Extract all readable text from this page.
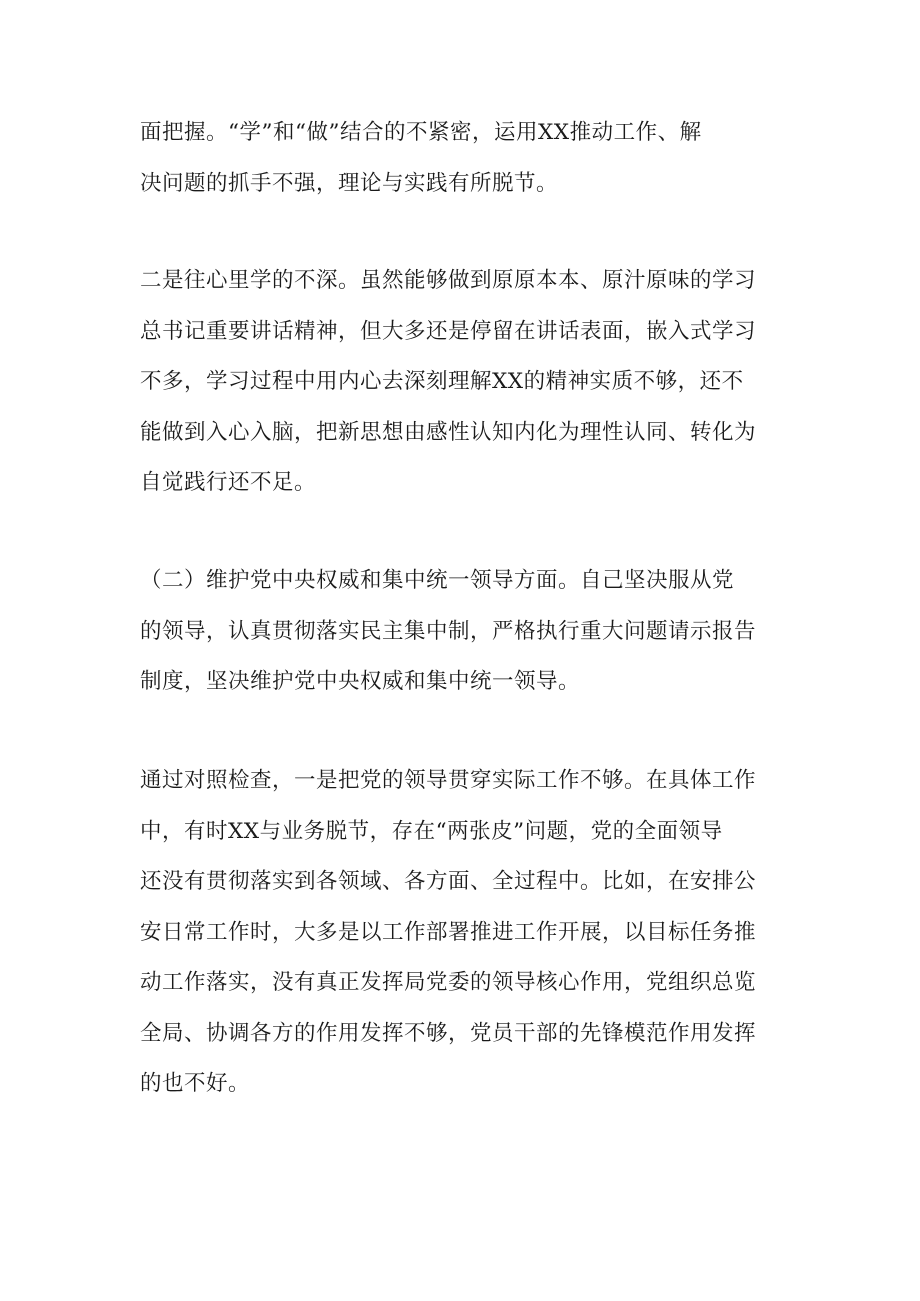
面把握。“学”和“做”结合的不紧密，运用XX推动工作、解
决问题的抓手不强，理论与实践有所脱节。
二是往心里学的不深。虽然能够做到原原本本、原汁原味的学习
总书记重要讲话精神，但大多还是停留在讲话表面，嵌入式学习
不多，学习过程中用内心去深刻理解XX的精神实质不够，还不
能做到入心入脑，把新思想由感性认知内化为理性认同、转化为
自觉践行还不足。
（二）维护党中央权威和集中统一领导方面。自己坚决服从党
的领导，认真贯彻落实民主集中制，严格执行重大问题请示报告
制度，坚决维护党中央权威和集中统一领导。
通过对照检查，一是把党的领导贯穿实际工作不够。在具体工作
中，有时XX与业务脱节，存在“两张皮”问题，党的全面领导
还没有贯彻落实到各领域、各方面、全过程中。比如，在安排公
安日常工作时，大多是以工作部署推进工作开展，以目标任务推
动工作落实，没有真正发挥局党委的领导核心作用，党组织总览
全局、协调各方的作用发挥不够，党员干部的先锋模范作用发挥
的也不好。
